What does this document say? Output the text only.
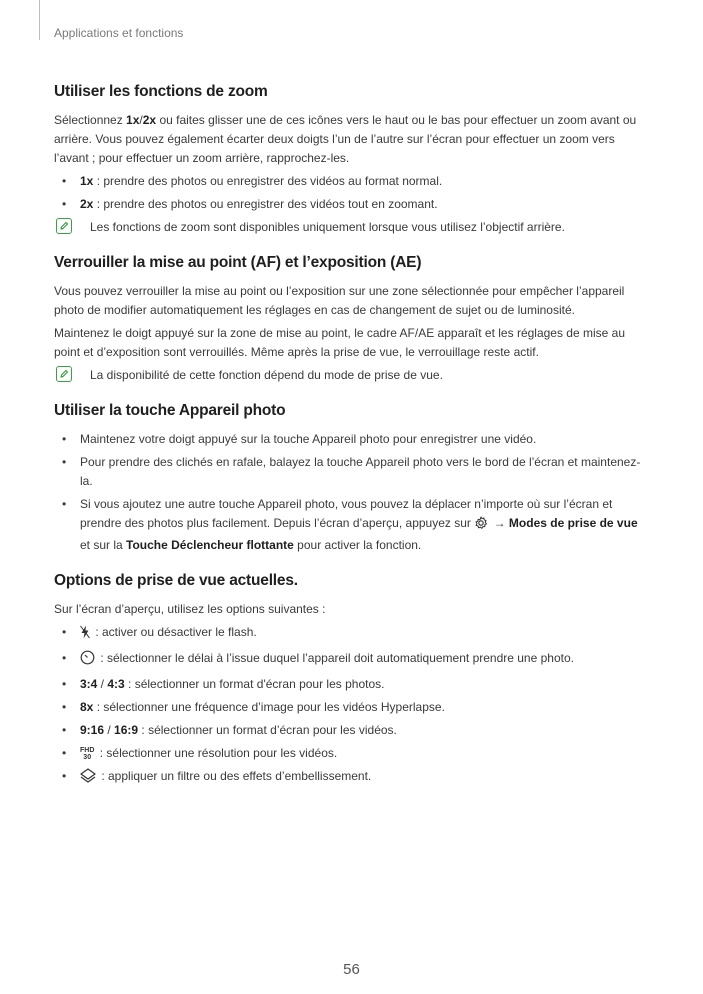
Applications et fonctions
Utiliser les fonctions de zoom

Sélectionnez 1x/2x ou faites glisser une de ces icônes vers le haut ou le bas pour effectuer un zoom avant ou arrière. Vous pouvez également écarter deux doigts l’un de l’autre sur l’écran pour effectuer un zoom vers l’avant ; pour effectuer un zoom arrière, rapprochez-les.

• 1x : prendre des photos ou enregistrer des vidéos au format normal.
• 2x : prendre des photos ou enregistrer des vidéos tout en zoomant.
Les fonctions de zoom sont disponibles uniquement lorsque vous utilisez l’objectif arrière.
Verrouiller la mise au point (AF) et l’exposition (AE)

Vous pouvez verrouiller la mise au point ou l’exposition sur une zone sélectionnée pour empêcher l’appareil photo de modifier automatiquement les réglages en cas de changement de sujet ou de luminosité.

Maintenez le doigt appuyé sur la zone de mise au point, le cadre AF/AE apparaît et les réglages de mise au point et d’exposition sont verrouillés. Même après la prise de vue, le verrouillage reste actif.

La disponibilité de cette fonction dépend du mode de prise de vue.
Utiliser la touche Appareil photo
• Maintenez votre doigt appuyé sur la touche Appareil photo pour enregistrer une vidéo.
• Pour prendre des clichés en rafale, balayez la touche Appareil photo vers le bord de l’écran et maintenez-la.
• Si vous ajoutez une autre touche Appareil photo, vous pouvez la déplacer n’importe où sur l’écran et prendre des photos plus facilement. Depuis l’écran d’aperçu, appuyez sur  → Modes de prise de vue et sur la Touche Déclencheur flottante pour activer la fonction.
Options de prise de vue actuelles.

Sur l’écran d’aperçu, utilisez les options suivantes :

• : activer ou désactiver le flash.
•	: sélectionner le délai à l’issue duquel l’appareil doit automatiquement prendre une photo.
• 3:4 / 4:3 : sélectionner un format d'écran pour les photos.
• 8x : sélectionner une fréquence d’image pour les vidéos Hyperlapse.
• 9:16 / 16:9 : sélectionner un format d’écran pour les vidéos.
• FHD
30 : sélectionner une résolution pour les vidéos.
•	: appliquer un filtre ou des effets d’embellissement.
56
